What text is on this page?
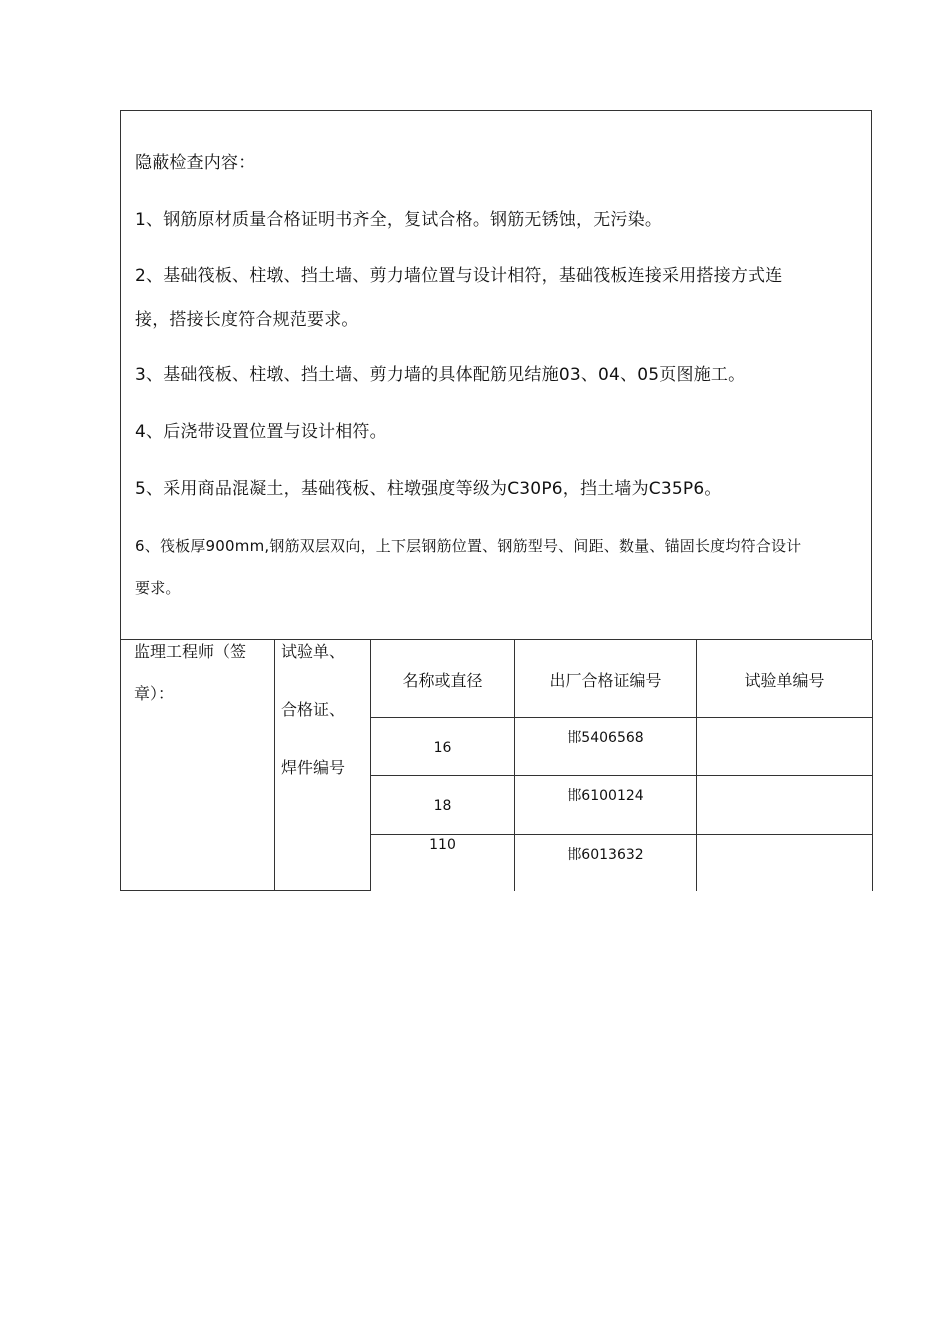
隐蔽检查内容：
1、钢筋原材质量合格证明书齐全，复试合格。钢筋无锈蚀，无污染。
2、基础筏板、柱墩、挡土墙、剪力墙位置与设计相符，基础筏板连接采用搭接方式连
接，搭接长度符合规范要求。
3、基础筏板、柱墩、挡土墙、剪力墙的具体配筋见结施03、04、05页图施工。
4、后浇带设置位置与设计相符。
5、采用商品混凝土，基础筏板、柱墩强度等级为C30P6，挡土墙为C35P6。
6、筏板厚900mm,钢筋双层双向，上下层钢筋位置、钢筋型号、间距、数量、锚固长度均符合设计
要求。
监理工程师（签
章）：
试验单、
合格证、
焊件编号
名称或直径	出厂合格证编号	试验单编号
16
邯5406568
18
邯6100124
110
邯6013632
